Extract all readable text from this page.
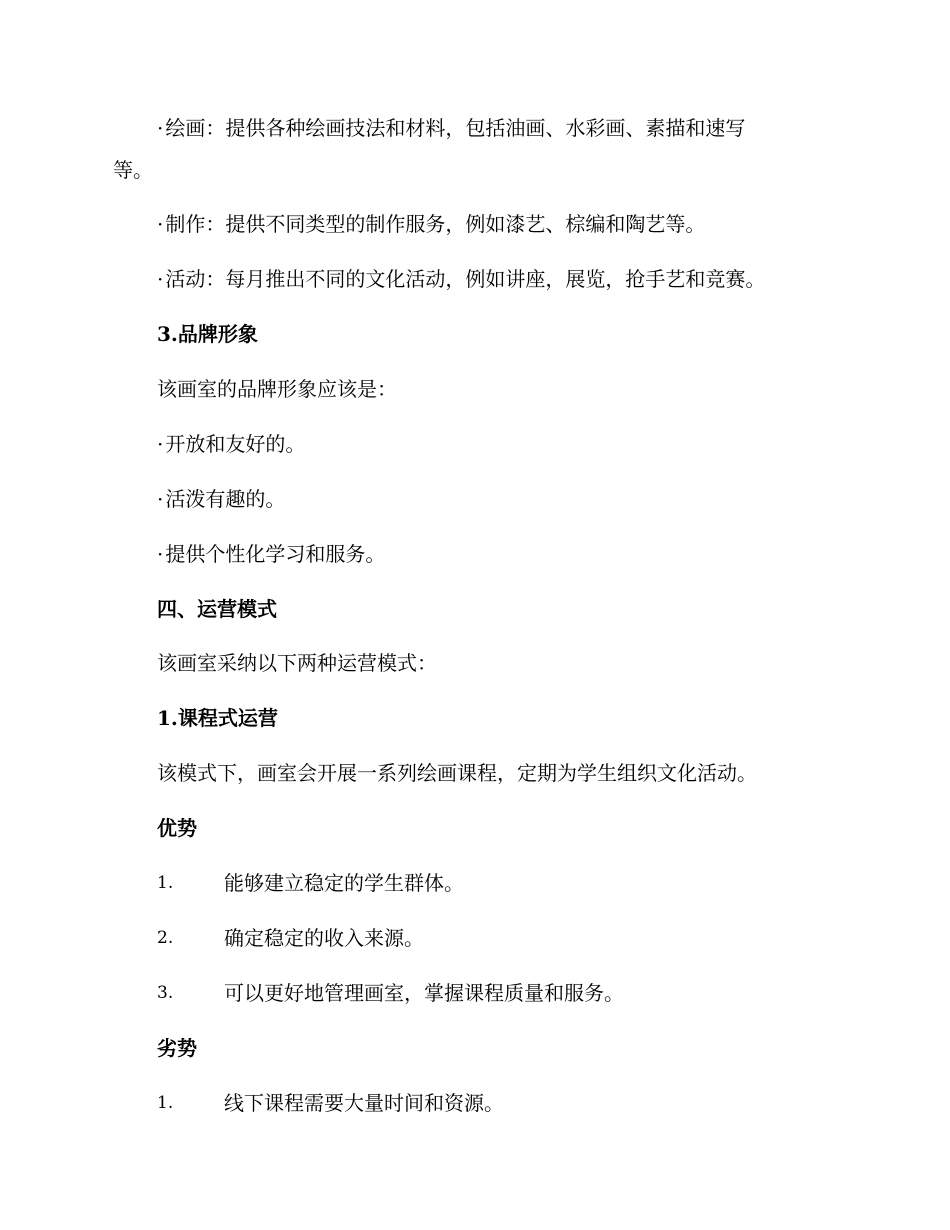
· 绘画：提供各种绘画技法和材料，包括油画、水彩画、素描和速写
等。
· 制作：提供不同类型的制作服务，例如漆艺、棕编和陶艺等。
· 活动：每月推出不同的文化活动，例如讲座，展览，抢手艺和竞赛。
3.品牌形象
该画室的品牌形象应该是：
· 开放和友好的。
· 活泼有趣的。
· 提供个性化学习和服务。
四、运营模式
该画室采纳以下两种运营模式：
1.课程式运营
该模式下，画室会开展一系列绘画课程，定期为学生组织文化活动。
优势
1.	能够建立稳定的学生群体。
2.	确定稳定的收入来源。
3.	可以更好地管理画室，掌握课程质量和服务。
劣势
1.	线下课程需要大量时间和资源。
